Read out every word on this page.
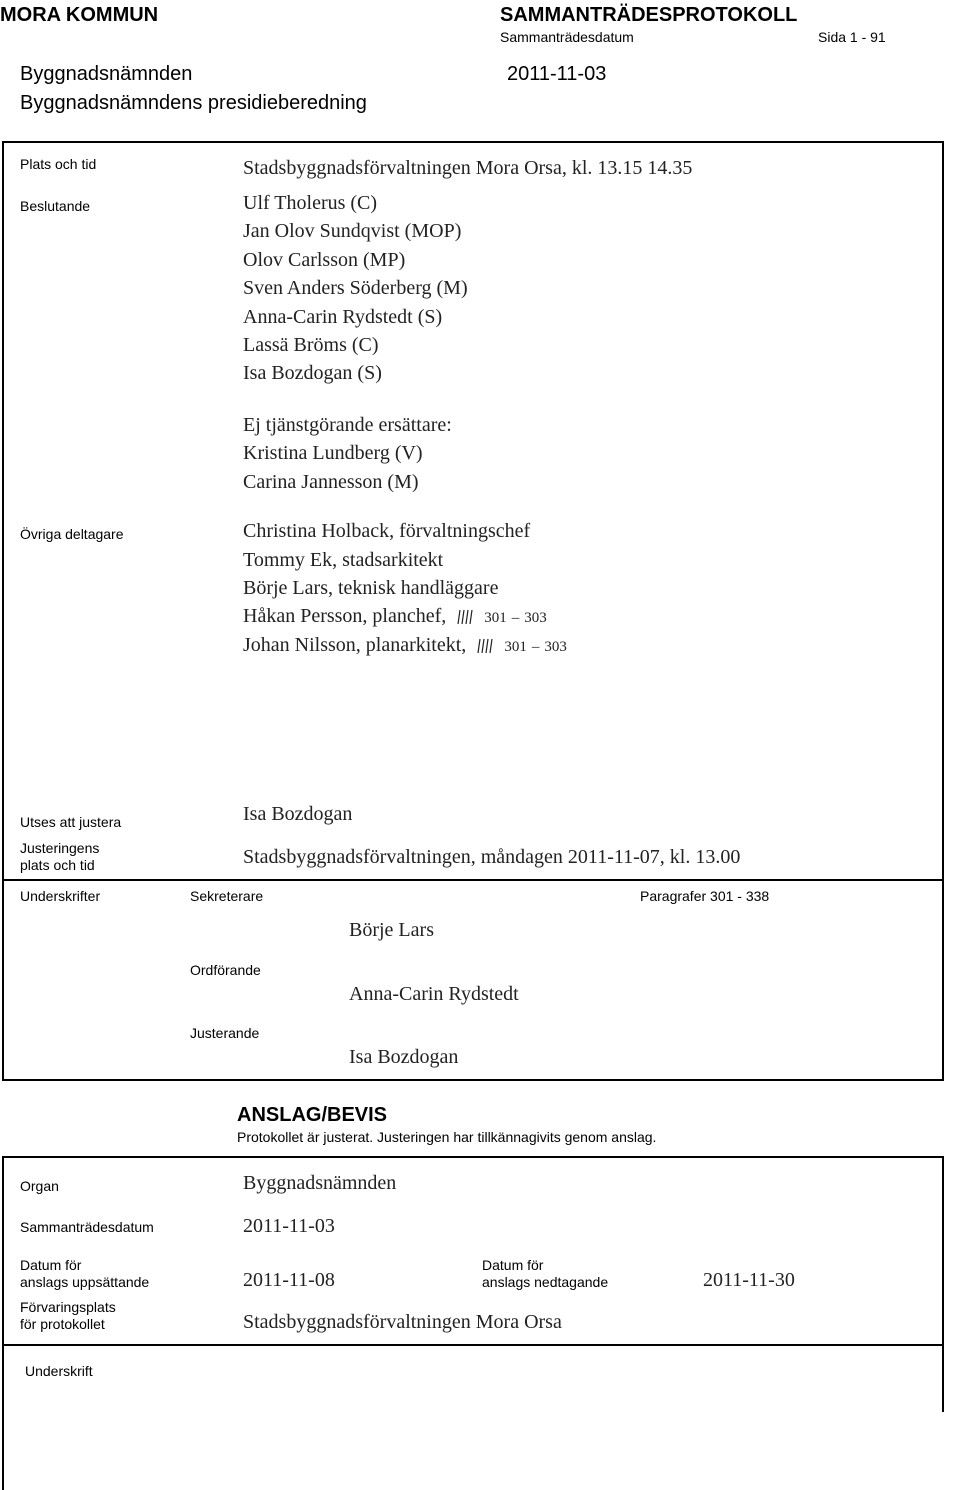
MORA KOMMUN	SAMMANTRÄDESPROTOKOLL
Sammanträdesdatum	Sida 1 - 91
Byggnadsnämnden	2011-11-03
Byggnadsnämndens presidieberedning
Plats och tid	Stadsbyggnadsförvaltningen Mora Orsa, kl. 13.15 14.35
Beslutande	Ulf Tholerus (C)
Jan Olov Sundqvist (MOP)
Olov Carlsson (MP)
Sven Anders Söderberg (M)
Anna-Carin Rydstedt (S)
Lassä Bröms (C)
Isa Bozdogan (S)
Ej tjänstgörande ersättare:
Kristina Lundberg (V)
Carina Jannesson (M)
Övriga deltagare	Christina Holback, förvaltningschef
Tommy Ek, stadsarkitekt
Börje Lars, teknisk handläggare
Håkan Persson, planchef,	301 – 303
Johan Nilsson, planarkitekt,	301 – 303
Utses att justera	Isa Bozdogan
Justeringens
plats och tid	Stadsbyggnadsförvaltningen, måndagen 2011-11-07, kl. 13.00
Underskrifter	Sekreterare	Paragrafer 301 - 338
Börje Lars
Ordförande
Anna-Carin Rydstedt
Justerande
Isa Bozdogan
ANSLAG/BEVIS
Protokollet är justerat. Justeringen har tillkännagivits genom anslag.
Organ	Byggnadsnämnden
Sammanträdesdatum	2011-11-03
Datum för
anslags uppsättande	2011-11-08
Datum för
anslags nedtagande	2011-11-30
Förvaringsplats
för protokollet	Stadsbyggnadsförvaltningen Mora Orsa
Underskrift
